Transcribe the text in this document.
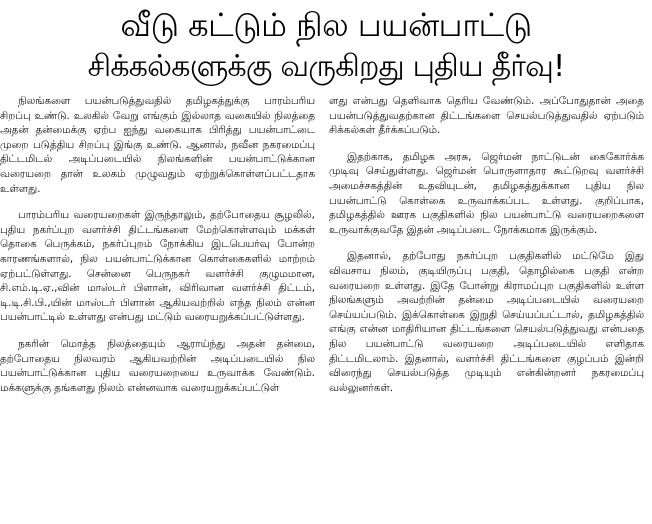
வீடு கட்டும் நில பயன்பாட்டு
சிக்கல்களுக்கு வருகிறது புதிய தீர்வு!

நிலங்களை பயன்படுத்துவதில் தமிழகத்துக்கு பாரம்பரிய சிறப்பு உண்டு. உலகில் வேறு எங்கும் இல்லாத வகையில் நிலத்தை அதன் தன்மைக்கு ஏற்ப ஐந்து வகையாக பிரித்து பயன்பாட்டை முறை படுத்திய சிறப்பு இங்கு உண்டு. ஆனால், நவீன நகரமைப்பு திட்டமிடல் அடிப்படையில் நிலங்களின் பயன்பாட்டுக்கான வரையறை தான் உலகம் முழுவதும் ஏற்றுக்கொள்ளப்பட்டதாக உள்ளது.

பாரம்பரிய வரையறைகள் இருந்தாலும், தற்போதைய சூழலில், புதிய நகர்ப்புற வளர்ச்சி திட்டங்களை மேற்கொள்ளவும் மக்கள் தொகை பெருக்கம், நகர்ப்புறம் நோக்கிய இடபெயர்வு போன்ற காரணங்களால், நில பயன்பாட்டுக்கான கொள்கைகளில் மாற்றம் ஏற்பட்டுள்ளது. சென்னை பெருநகர் வளர்ச்சி குழுமமான, சி.எம்.டி.ஏ.,வின் மாஸ்டர் பிளான், விரிவான வளர்ச்சி திட்டம், டி.டி.சி.பி.,யின் மாஸ்டர் பிளான் ஆகியவற்றில் எந்த நிலம் என்ன பயன்பாட்டில் உள்ளது என்பது மட்டும் வரையறுக்கப்பட்டுள்ளது.

நகரின் மொத்த நிலத்தையும் ஆராய்ந்து அதன் தன்மை, தற்போதைய நிலவரம் ஆகியவற்றின் அடிப்படையில் நில பயன்பாட்டுக்கான புதிய வரையறையை உருவாக்க வேண்டும். மக்களுக்கு தங்களது நிலம் என்னவாக வரையறுக்கப்பட்டுள்

ளது என்பது தெளிவாக தெரிய வேண்டும். அப்போதுதான் அதை பயன்படுத்துவதற்கான திட்டங்களை செயல்படுத்துவதில் ஏற்படும் சிக்கல்கள் தீர்க்கப்படும்.

இதற்காக, தமிழக அரசு, ஜெர்மன் நாட்டுடன் கைகோர்க்க முடிவு செய்துள்ளது. ஜெர்மன் பொருளாதார கூட்டுறவு வளர்ச்சி அமைச்சகத்தின் உதவியுடன், தமிழகத்துக்கான புதிய நில பயன்பாட்டு கொள்கை உருவாக்கப்பட உள்ளது. குறிப்பாக, தமிழகத்தில் ஊரக பகுதிகளில் நில பயன்பாட்டு வரையறைகளை உருவாக்குவதே இதன் அடிப்படை நோக்கமாக இருக்கும்.

இதனால், தற்போது நகர்ப்புற பகுதிகளில் மட்டுமே இது விவசாய நிலம், குடியிருப்பு பகுதி, தொழில்கை பகுதி என்ற வரையறை உள்ளது. இதே போன்று கிராமப்புற பகுதிகளில் உள்ள நிலங்களும் அவற்றின் தன்மை அடிப்படையில் வரையறை செய்யப்படும். இக்கொள்கை இறுதி செய்யப்பட்டால், தமிழகத்தில் எங்கு என்ன மாதிரியான திட்டங்களை செயல்படுத்துவது என்பதை நில பயன்பாட்டு வரையறை அடிப்படையில் எளிதாக திட்டமிடலாம். இதனால், வளர்ச்சி திட்டங்களை குழப்பம் இன்றி விரைந்து செயல்படுத்த முடியும் என்கின்றனர் நகரமைப்பு வல்லுனர்கள்.
